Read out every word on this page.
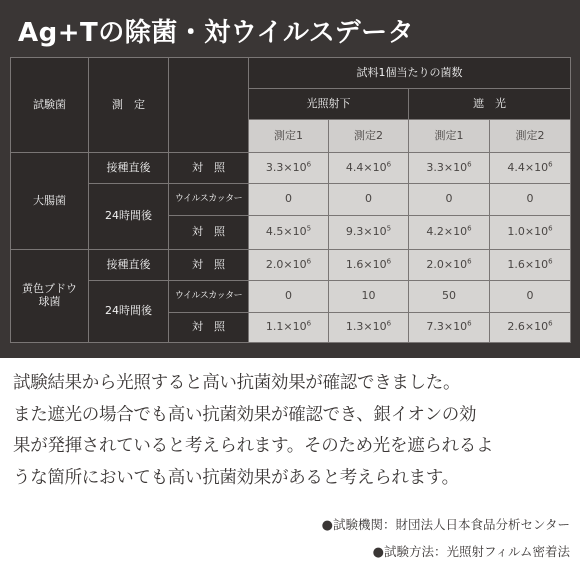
Ag+Tの除菌・対ウイルスデータ
試験菌	測　定		試料1個当たりの菌数			
			光照射下		遮　光	
			測定1	測定2	測定1	測定2
大腸菌	接種直後	対　照	$3.3\times 10^6$	$4.4\times 10^6$	$3.3\times 10^6$	$4.4\times 10^6$
	24時間後	ウイルスカッター	0	0	0	0
		対　照	$4.5\times 10^5$	$9.3\times 10^5$	$4.2\times 10^6$	$1.0\times 10^6$
黄色ブドウ
球菌	接種直後	対　照	$2.0\times 10^6$	$1.6\times 10^6$	$2.0\times 10^6$	$1.6\times 10^6$
	24時間後	ウイルスカッター	0	10	50	0
		対　照	$1.1\times 10^6$	$1.3\times 10^6$	$7.3\times 10^6$	$2.6\times 10^6$

試験結果から光照すると高い抗菌効果が確認できました。

また遮光の場合でも高い抗菌効果が確認でき、銀イオンの効

果が発揮されていると考えられます。そのため光を遮られるよ

うな箇所においても高い抗菌効果があると考えられます。

●試験機関：財団法人日本食品分析センター
●試験方法：光照射フィルム密着法
